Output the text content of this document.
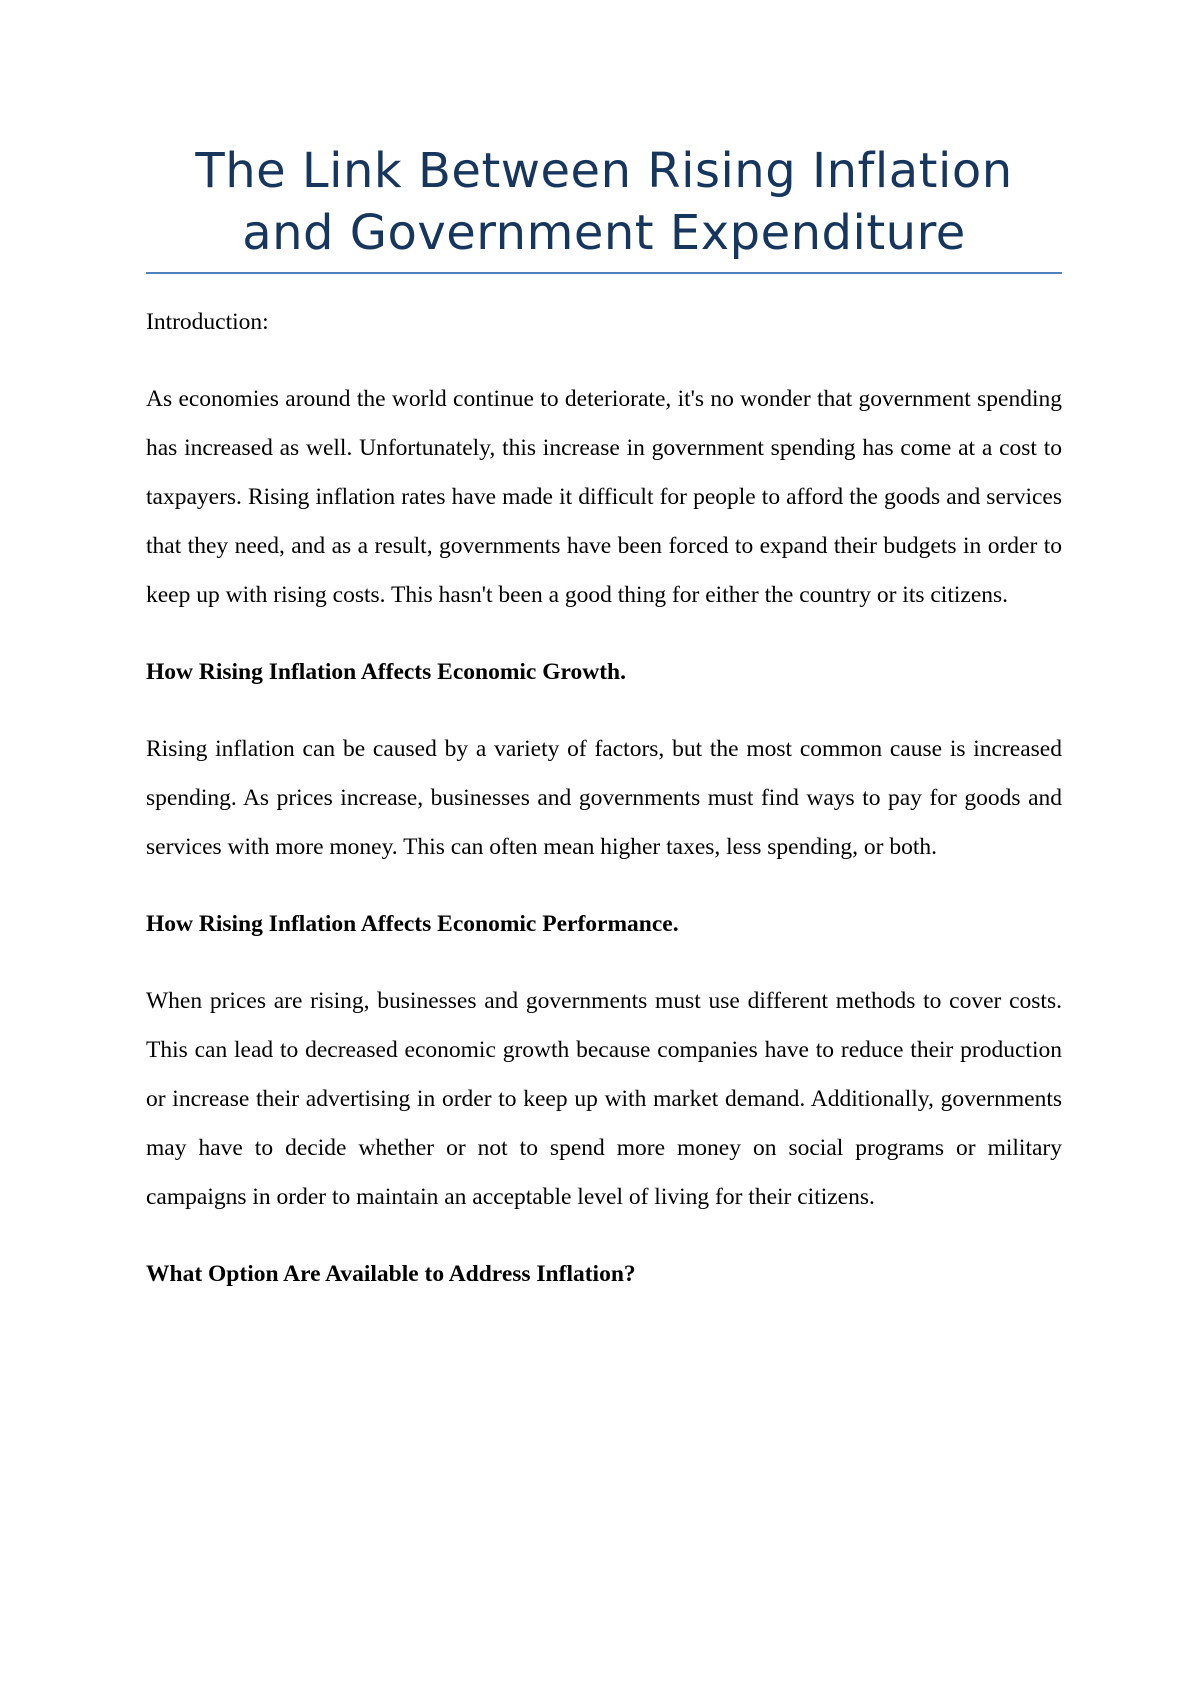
The Link Between Rising Inflation and Government Expenditure

Introduction:

As economies around the world continue to deteriorate, it's no wonder that government spending has increased as well. Unfortunately, this increase in government spending has come at a cost to taxpayers. Rising inflation rates have made it difficult for people to afford the goods and services that they need, and as a result, governments have been forced to expand their budgets in order to keep up with rising costs. This hasn't been a good thing for either the country or its citizens.

How Rising Inflation Affects Economic Growth.

Rising inflation can be caused by a variety of factors, but the most common cause is increased spending. As prices increase, businesses and governments must find ways to pay for goods and services with more money. This can often mean higher taxes, less spending, or both.

How Rising Inflation Affects Economic Performance.

When prices are rising, businesses and governments must use different methods to cover costs. This can lead to decreased economic growth because companies have to reduce their production or increase their advertising in order to keep up with market demand. Additionally, governments may have to decide whether or not to spend more money on social programs or military campaigns in order to maintain an acceptable level of living for their citizens.

What Option Are Available to Address Inflation?
